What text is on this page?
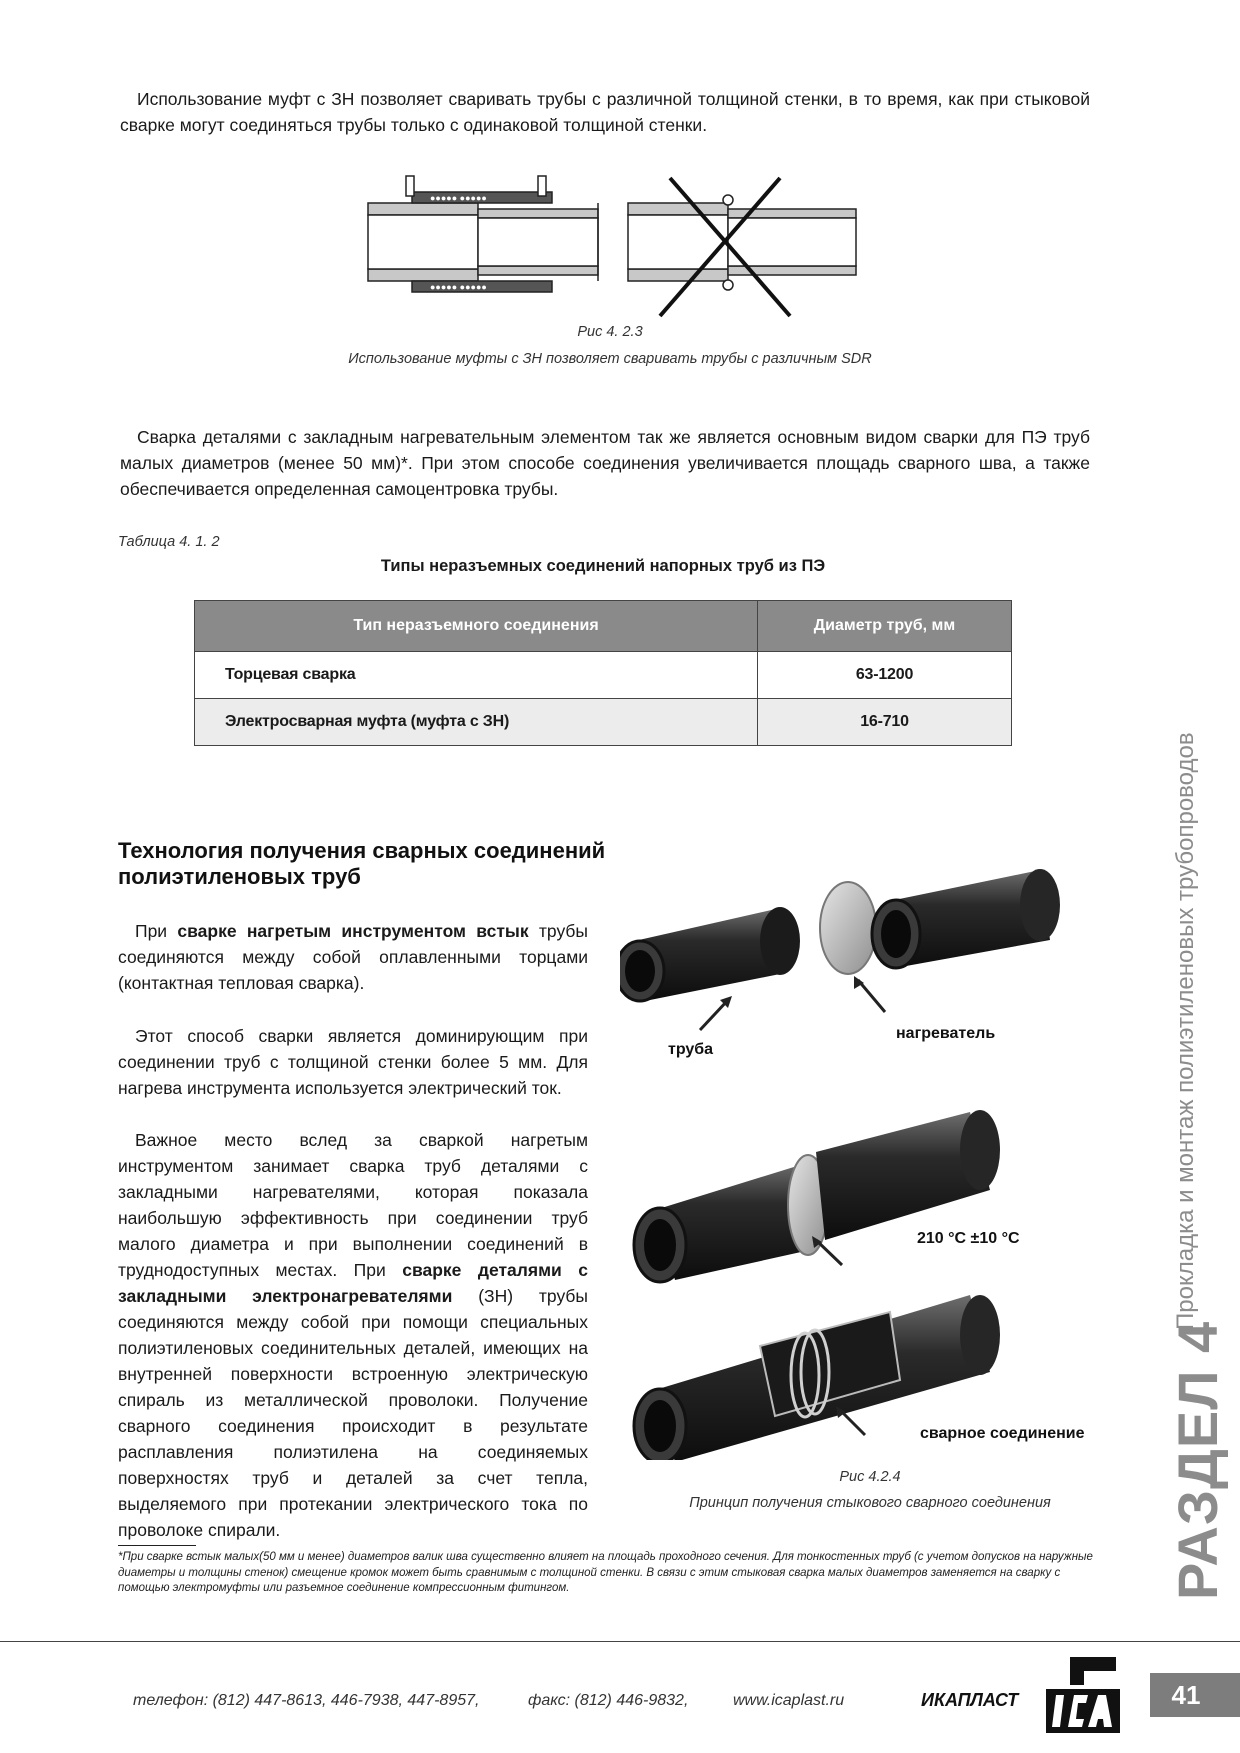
Использование муфт с ЗН позволяет сваривать трубы с различной толщиной стенки, в то время, как при стыковой сварке могут соединяться трубы только с одинаковой толщиной стенки.
●●●●● ●●●●●
●●●●● ●●●●●
Рис 4. 2.3
Использование муфты с ЗН позволяет сваривать трубы с различным SDR
Сварка деталями с закладным нагревательным элементом так же является основным видом сварки для ПЭ труб малых диаметров (менее 50 мм)*. При этом способе соединения увеличивается площадь сварного шва, а также обеспечивается определенная самоцентровка трубы.
Таблица 4. 1. 2
Типы неразъемных соединений напорных труб из ПЭ
Тип неразъемного соединения	Диаметр труб, мм
Торцевая сварка	63-1200
Электросварная муфта (муфта с ЗН)	16-710
Технология получения сварных соединений
полиэтиленовых труб
При сварке нагретым инструментом встык трубы соединяются между собой оплавленными торцами (контактная тепловая сварка).
Этот способ сварки является доминирующим при соединении труб с толщиной стенки более 5 мм. Для нагрева инструмента используется электрический ток.
Важное место вслед за сваркой нагретым инструментом занимает сварка труб деталями с закладными нагревателями, которая показала наибольшую эффективность при соединении труб малого диаметра и при выполнении соединений в труднодоступных местах. При сварке деталями с закладными электронагревателями (ЗН) трубы соединяются между собой при помощи специальных полиэтиленовых соединительных деталей, имеющих на внутренней поверхности встроенную электрическую спираль из металлической проволоки. Получение сварного соединения происходит в результате расплавления полиэтилена на соединяемых поверхностях труб и деталей за счет тепла, выделяемого при протекании электрического тока по проволоке спирали.
труба
нагреватель
210 °С ±10 °С
сварное соединение
Рис 4.2.4
Принцип получения стыкового сварного соединения
*При сварке встык малых(50 мм и менее) диаметров валик шва существенно влияет на площадь проходного сечения. Для тонкостенных труб (с учетом допусков на наружные диаметры и толщины стенок) смещение кромок может быть сравнимым с толщиной стенки. В связи с этим стыковая сварка малых диаметров заменяется на сварку с помощью электромуфты или разъемное соединение компрессионным фитингом.	РАЗДЕЛ 4
Прокладка и монтаж полиэтиленовых трубопроводов
телефон: (812) 447-8613, 446-7938, 447-8957,	факс: (812) 446-9832,	www.icaplast.ru	ИКАПЛАСТ	41
